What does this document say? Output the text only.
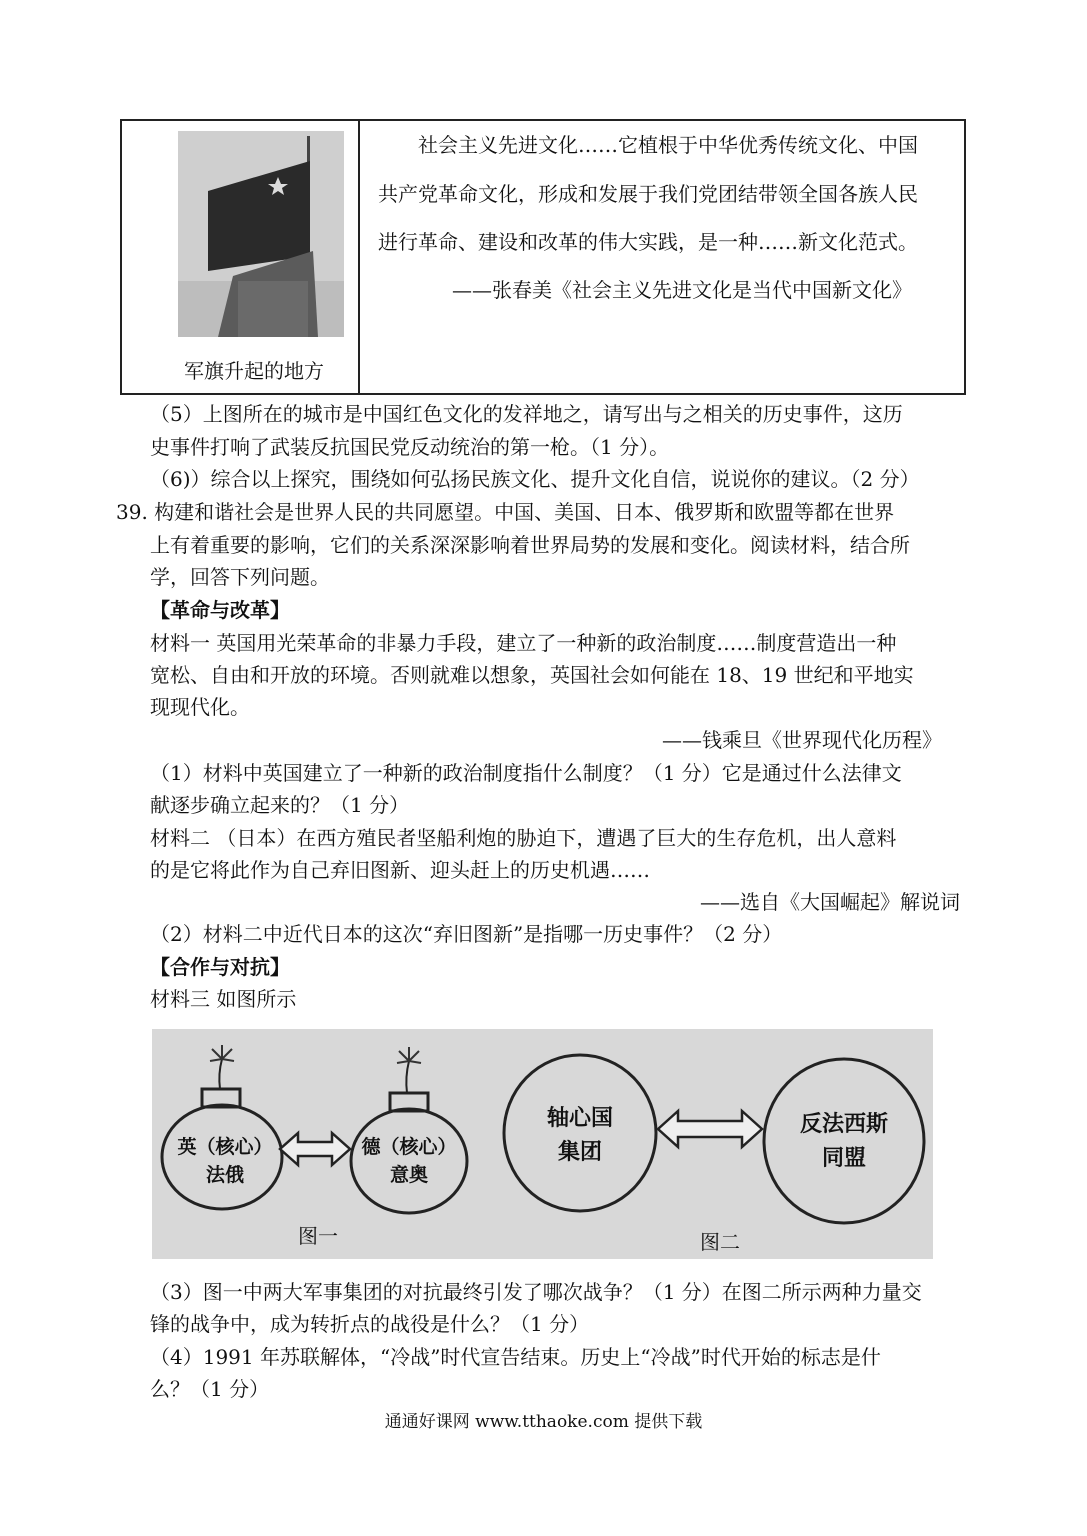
军旗升起的地方
社会主义先进文化……它植根于中华优秀传统文化、中国
共产党革命文化，形成和发展于我们党团结带领全国各族人民
进行革命、建设和改革的伟大实践，是一种……新文化范式。
——张春美《社会主义先进文化是当代中国新文化》
（5）上图所在的城市是中国红色文化的发祥地之，请写出与之相关的历史事件，这历
史事件打响了武装反抗国民党反动统治的第一枪。（1 分）。
（6)）综合以上探究，围绕如何弘扬民族文化、提升文化自信，说说你的建议。（2 分）
39. 构建和谐社会是世界人民的共同愿望。中国、美国、日本、俄罗斯和欧盟等都在世界
上有着重要的影响，它们的关系深深影响着世界局势的发展和变化。阅读材料，结合所
学，回答下列问题。
【革命与改革】
材料一 英国用光荣革命的非暴力手段，建立了一种新的政治制度……制度营造出一种
宽松、自由和开放的环境。否则就难以想象，英国社会如何能在 18、19 世纪和平地实
现现代化。
——钱乘旦《世界现代化历程》
（1）材料中英国建立了一种新的政治制度指什么制度？（1 分）它是通过什么法律文
献逐步确立起来的？（1 分）
材料二 （日本）在西方殖民者坚船利炮的胁迫下，遭遇了巨大的生存危机，出人意料
的是它将此作为自己弃旧图新、迎头赶上的历史机遇……
——选自《大国崛起》解说词
（2）材料二中近代日本的这次“弃旧图新”是指哪一历史事件？（2 分）
【合作与对抗】
材料三 如图所示
英（核心）
法俄
德（核心）
意奥
轴心国
集团
反法西斯
同盟
图一	图二
（3）图一中两大军事集团的对抗最终引发了哪次战争？（1 分）在图二所示两种力量交
锋的战争中，成为转折点的战役是什么？（1 分）
（4）1991 年苏联解体，“冷战”时代宣告结束。历史上“冷战”时代开始的标志是什
么？（1 分）
通通好课网 www.tthaoke.com 提供下载
